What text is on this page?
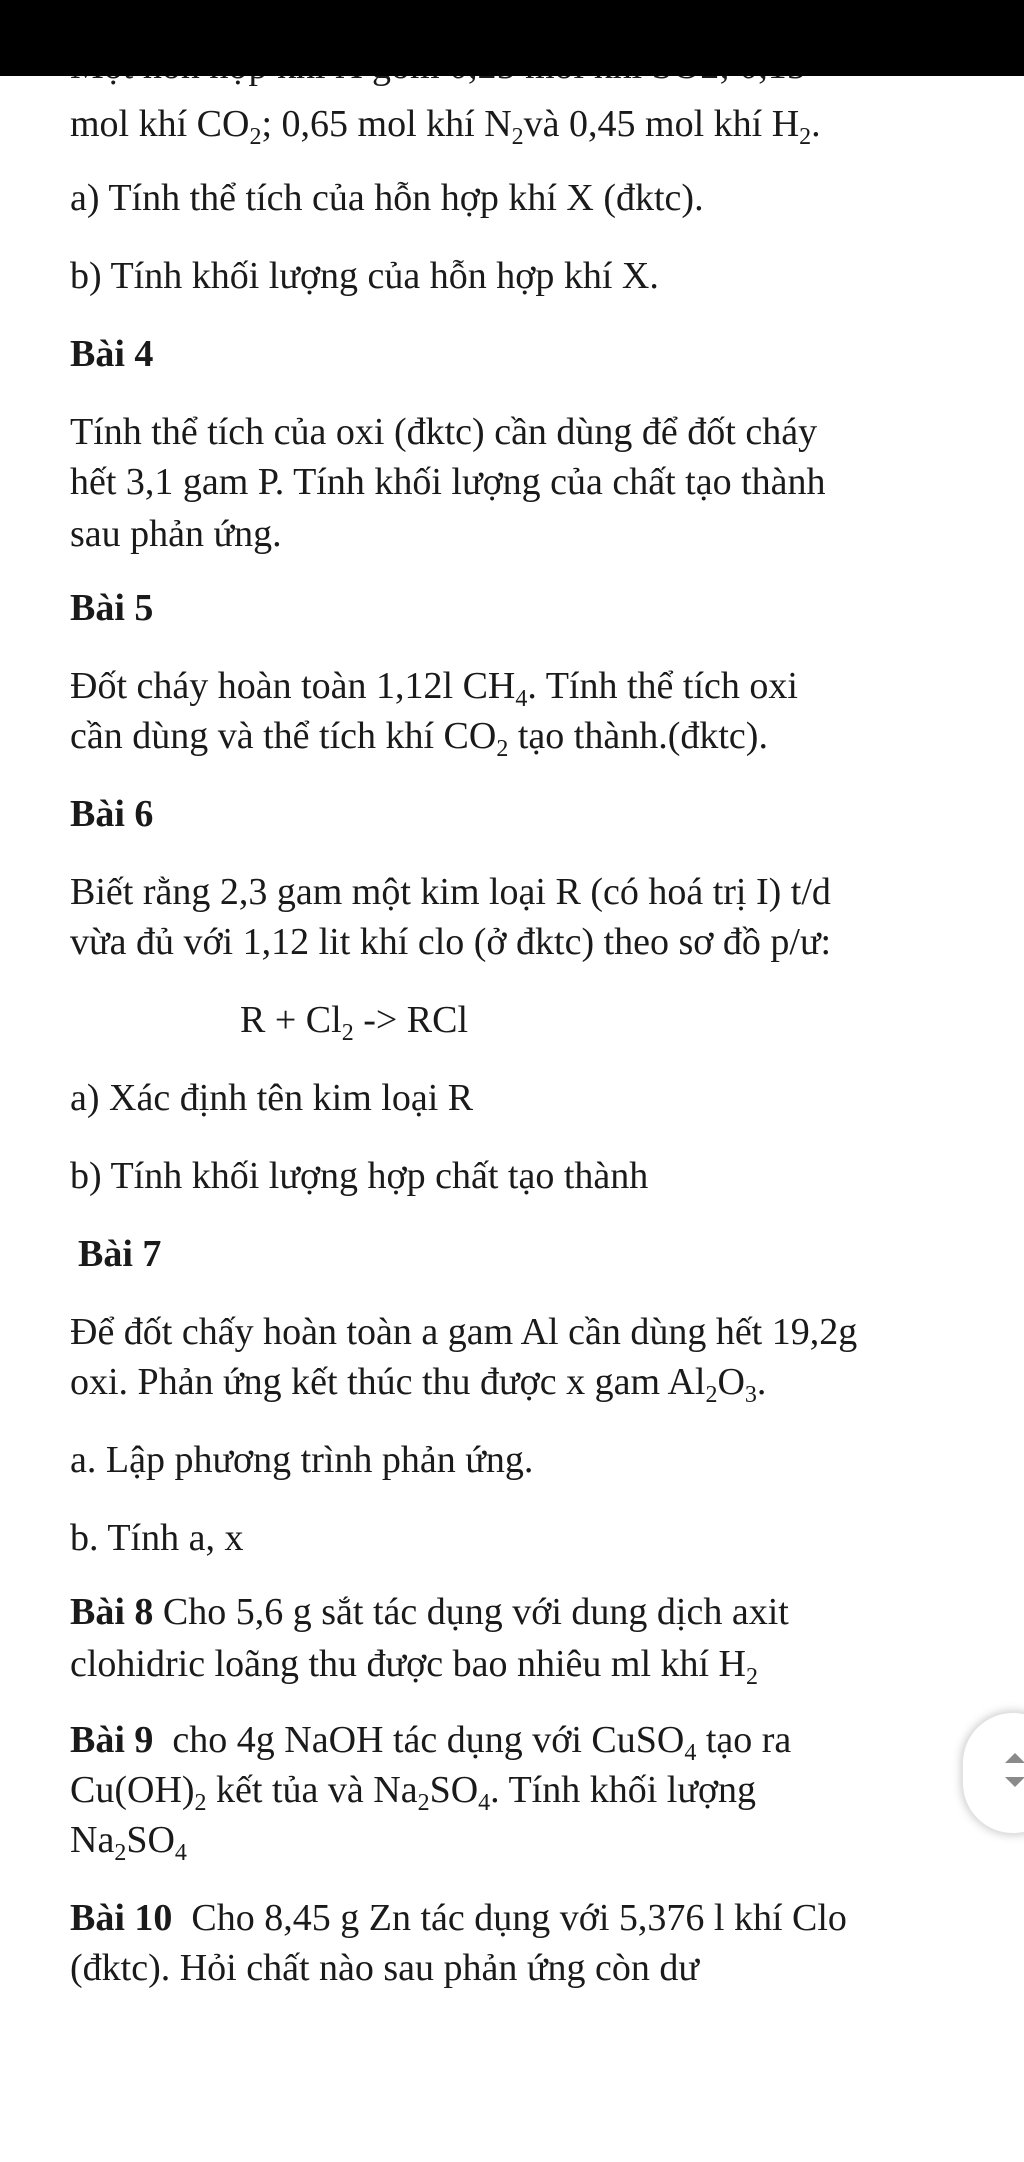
mol khí $CO_2$; 0,65 mol khí $N_2và$ 0,45 mol khí $H_2$.
a) Tính thể tích của hỗn hợp khí X (đktc).
b) Tính khối lượng của hỗn hợp khí X.
Bài 4
Tính thể tích của oxi (đktc) cần dùng để đốt cháy
hết 3,1 gam P. Tính khối lượng của chất tạo thành
sau phản ứng.
Bài 5
Đốt cháy hoàn toàn 1,12l $CH_4$. Tính thể tích oxi
cần dùng và thể tích khí $CO_2$ tạo thành.(đktc).
Bài 6
Biết rằng 2,3 gam một kim loại R (có hoá trị I) t/d
vừa đủ với 1,12 lit khí clo (ở đktc) theo sơ đồ p/ư:
$R + Cl_2$ -> RCl
a) Xác định tên kim loại R
b) Tính khối lượng hợp chất tạo thành
Bài 7
Để đốt chấy hoàn toàn a gam Al cần dùng hết 19,2g
oxi. Phản ứng kết thúc thu được x gam $Al_2O_3$.
a. Lập phương trình phản ứng.
b. Tính a, x
Bài 8 Cho 5,6 g sắt tác dụng với dung dịch axit
clohidric loãng thu được bao nhiêu ml khí $H_2$
Bài 9  cho 4g NaOH tác dụng với CuSO$_4$ tạo ra
$Cu(OH)_2$ kết tủa và $Na_2SO_4$. Tính khối lượng
$Na_2SO_4$
Bài 10  Cho 8,45 g Zn tác dụng với 5,376 l khí Clo
(đktc). Hỏi chất nào sau phản ứng còn dư
